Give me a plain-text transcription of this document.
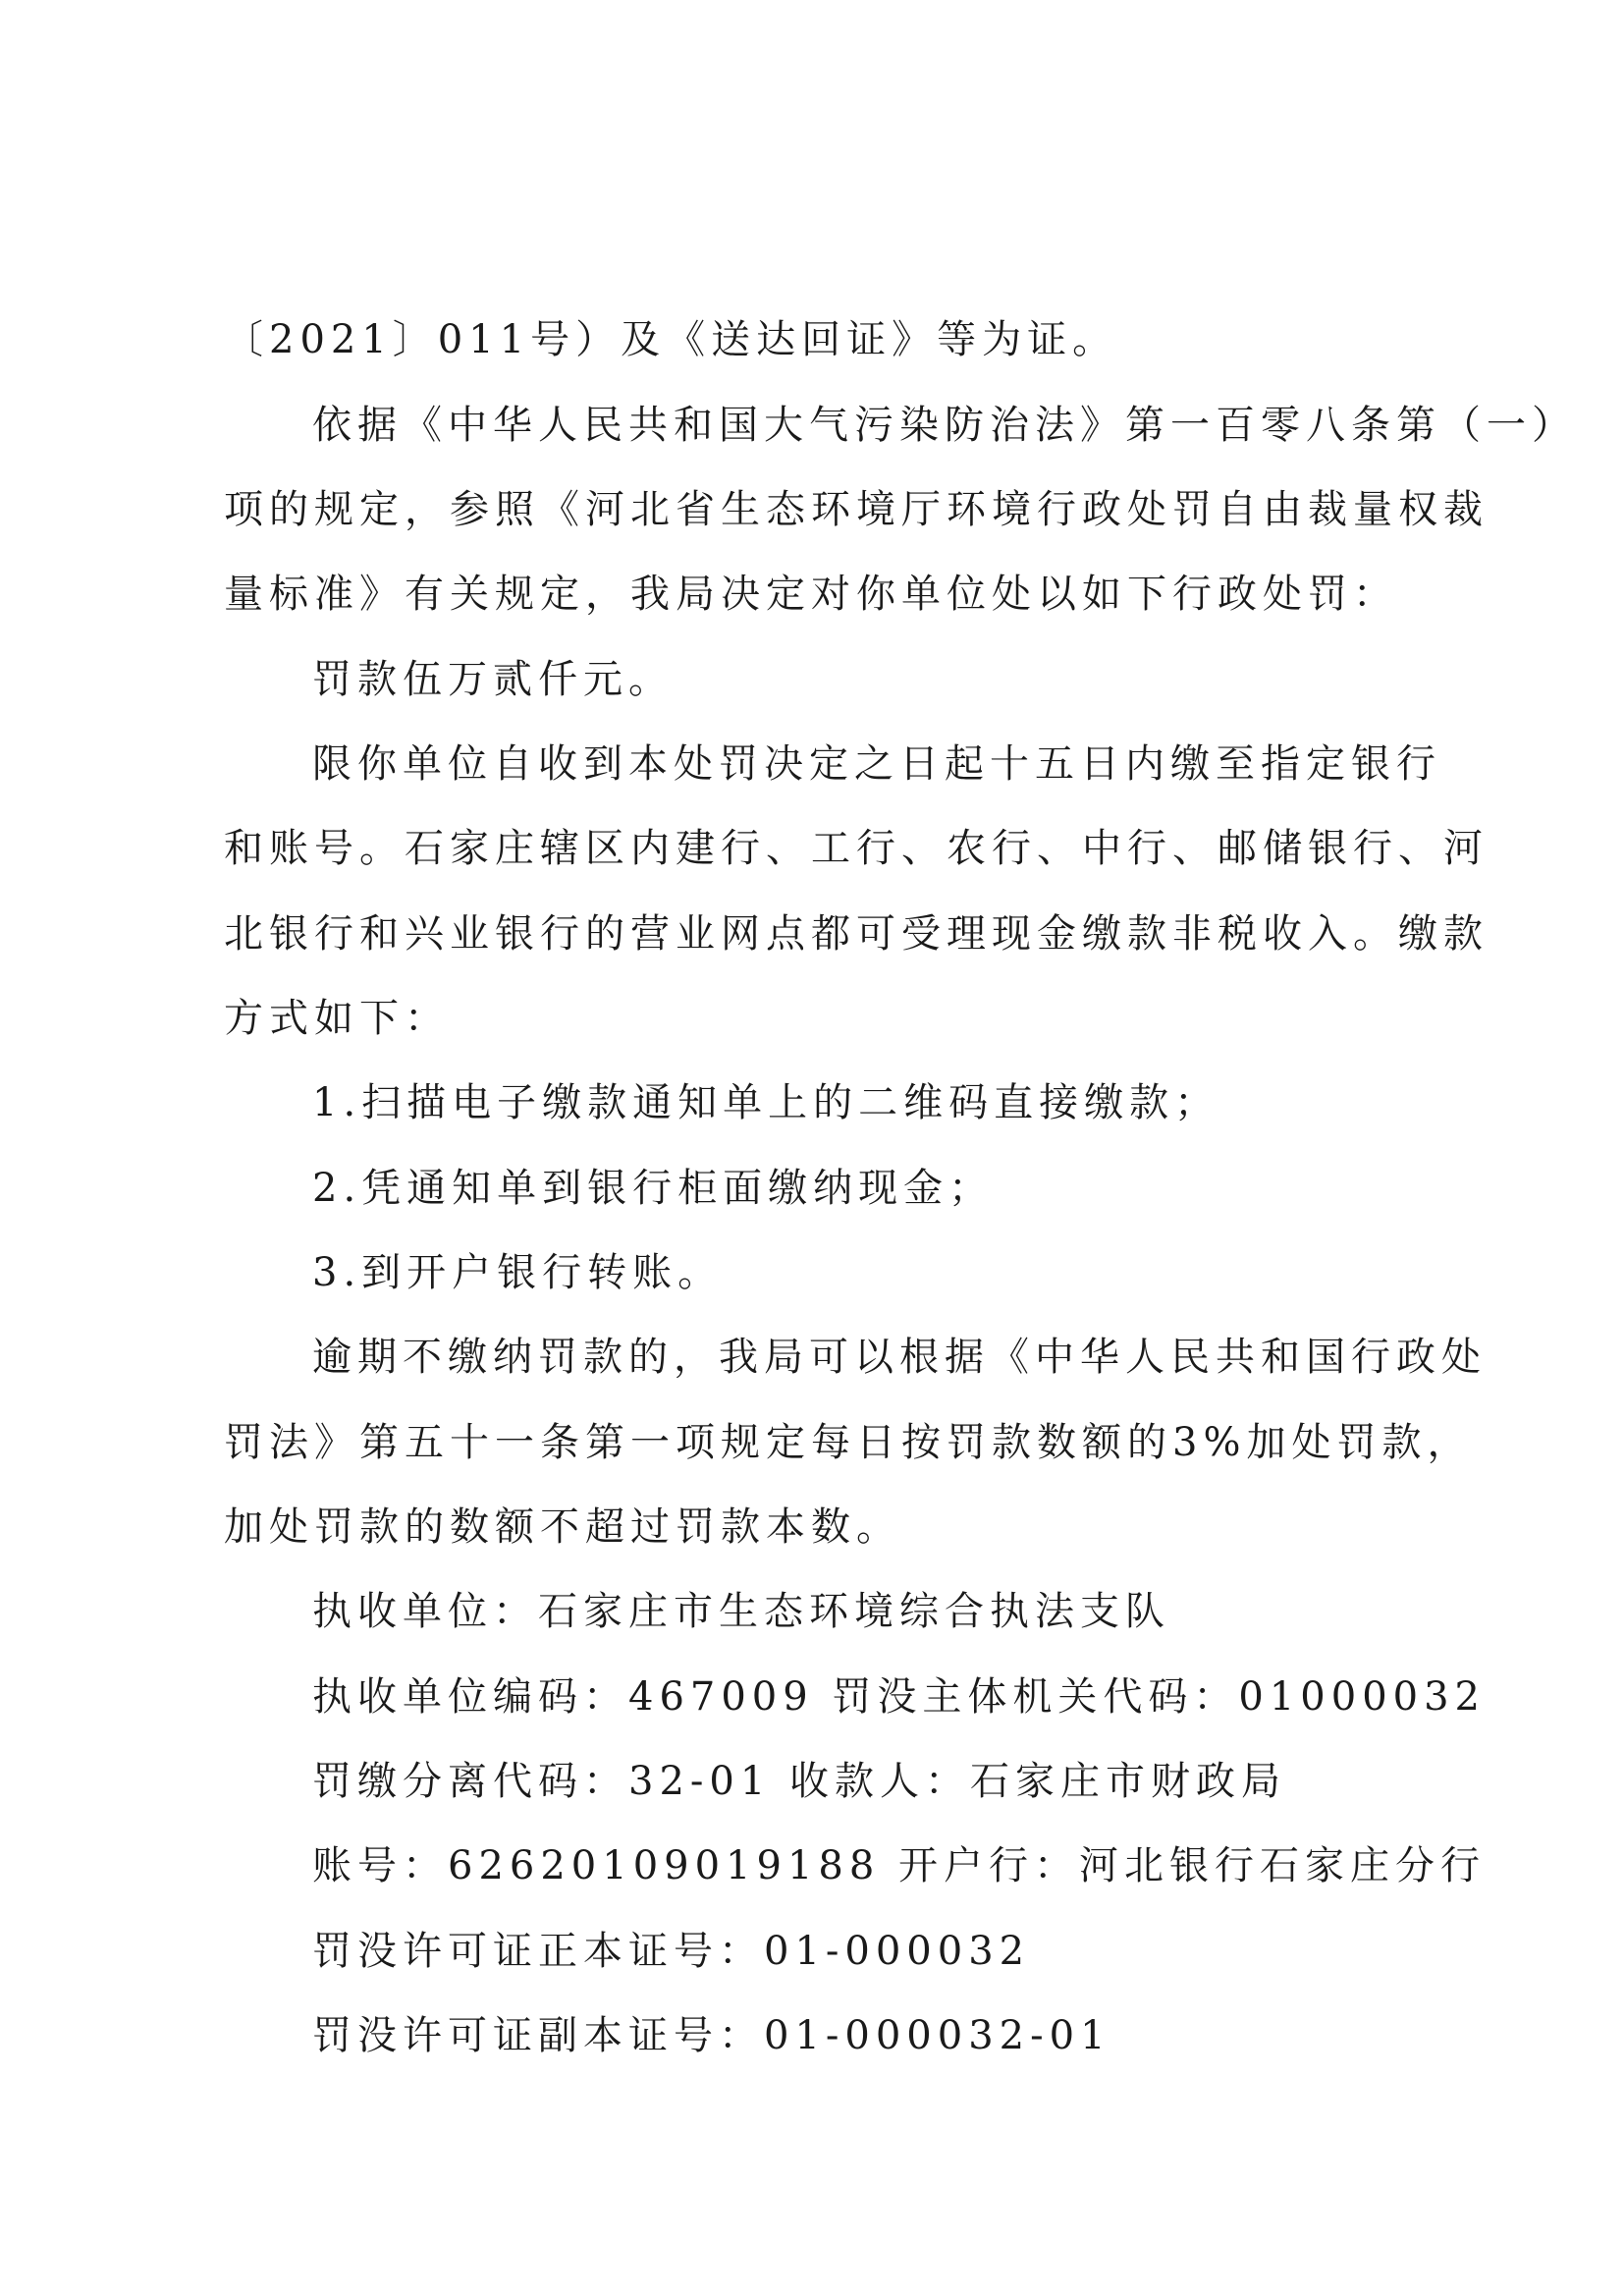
〔2021〕011号）及《送达回证》等为证。
依据《中华人民共和国大气污染防治法》第一百零八条第（一）
项的规定，参照《河北省生态环境厅环境行政处罚自由裁量权裁
量标准》有关规定，我局决定对你单位处以如下行政处罚：
罚款伍万贰仟元。
限你单位自收到本处罚决定之日起十五日内缴至指定银行
和账号。石家庄辖区内建行、工行、农行、中行、邮储银行、河
北银行和兴业银行的营业网点都可受理现金缴款非税收入。缴款
方式如下：
1.扫描电子缴款通知单上的二维码直接缴款；
2.凭通知单到银行柜面缴纳现金；
3.到开户银行转账。
逾期不缴纳罚款的，我局可以根据《中华人民共和国行政处
罚法》第五十一条第一项规定每日按罚款数额的3%加处罚款，
加处罚款的数额不超过罚款本数。
执收单位：石家庄市生态环境综合执法支队
执收单位编码：467009 罚没主体机关代码：01000032
罚缴分离代码：32-01 收款人：石家庄市财政局
账号：62620109019188 开户行：河北银行石家庄分行
罚没许可证正本证号：01-000032
罚没许可证副本证号：01-000032-01
